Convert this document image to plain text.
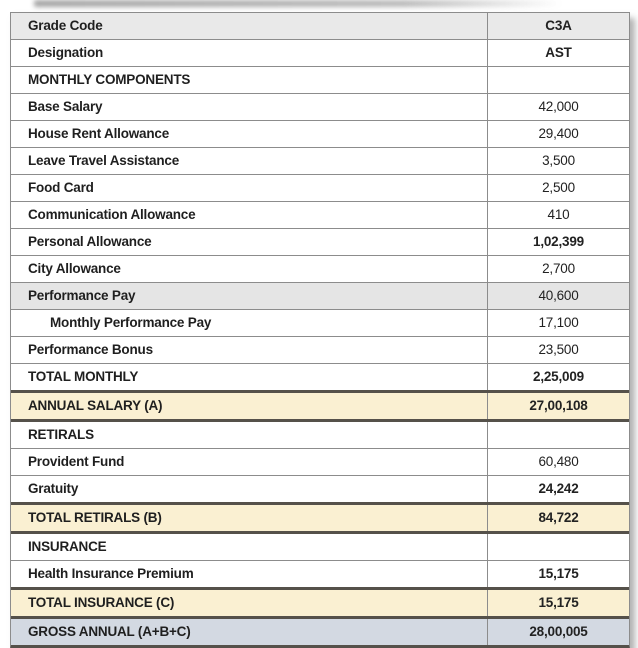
Grade Code	C3A
Designation	AST
MONTHLY COMPONENTS
Base Salary	42,000
House Rent Allowance	29,400
Leave Travel Assistance	3,500
Food Card	2,500
Communication Allowance	410
Personal Allowance	1,02,399
City Allowance	2,700
Performance Pay	40,600
Monthly Performance Pay	17,100
Performance Bonus	23,500
TOTAL MONTHLY	2,25,009
ANNUAL SALARY (A)	27,00,108
RETIRALS
Provident Fund	60,480
Gratuity	24,242
TOTAL RETIRALS (B)	84,722
INSURANCE
Health Insurance Premium	15,175
TOTAL INSURANCE (C)	15,175
GROSS ANNUAL (A+B+C)	28,00,005
